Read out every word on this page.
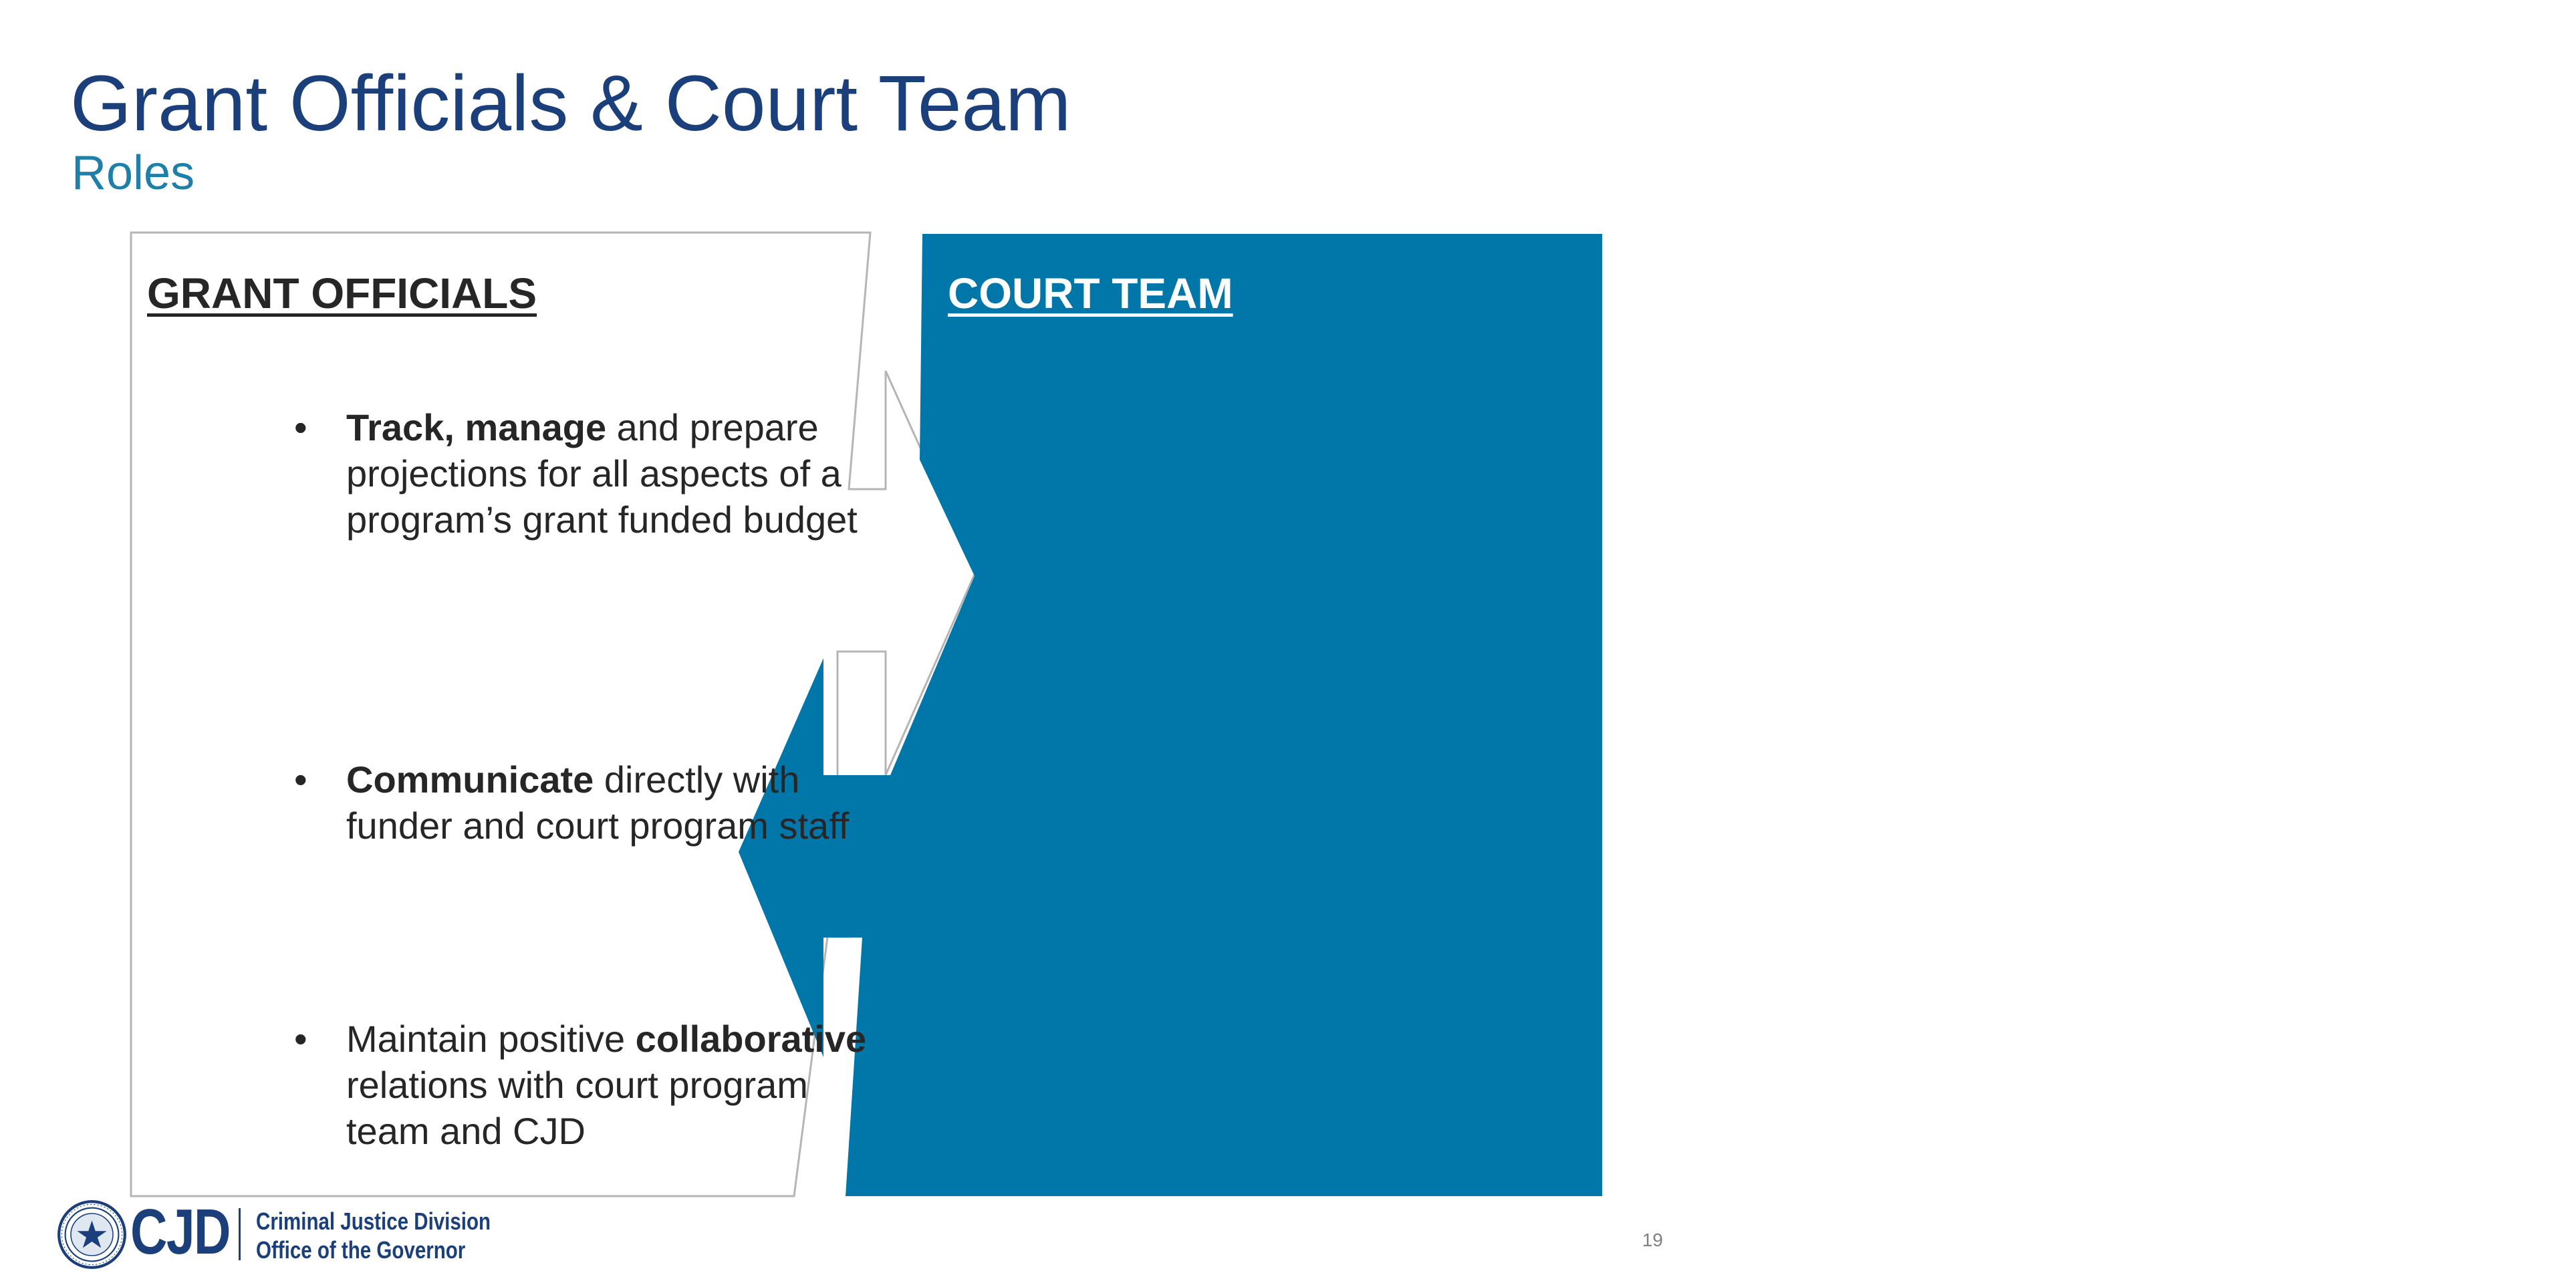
Grant Officials & Court Team

Roles

GRANT OFFICIALS
• Track, manage and prepare
projections for all aspects of a
program’s grant funded budget
• Communicate directly with
funder and court program staff
• Maintain positive collaborative
relations with court program
team and CJD
COURT TEAM
• Track, manage and assess
program’s measures and
successes.
• Communicate directly with grant
officials.
• Track, manage and assess
program’s needs

CJD Criminal Justice Division

Office of the Governor	19
